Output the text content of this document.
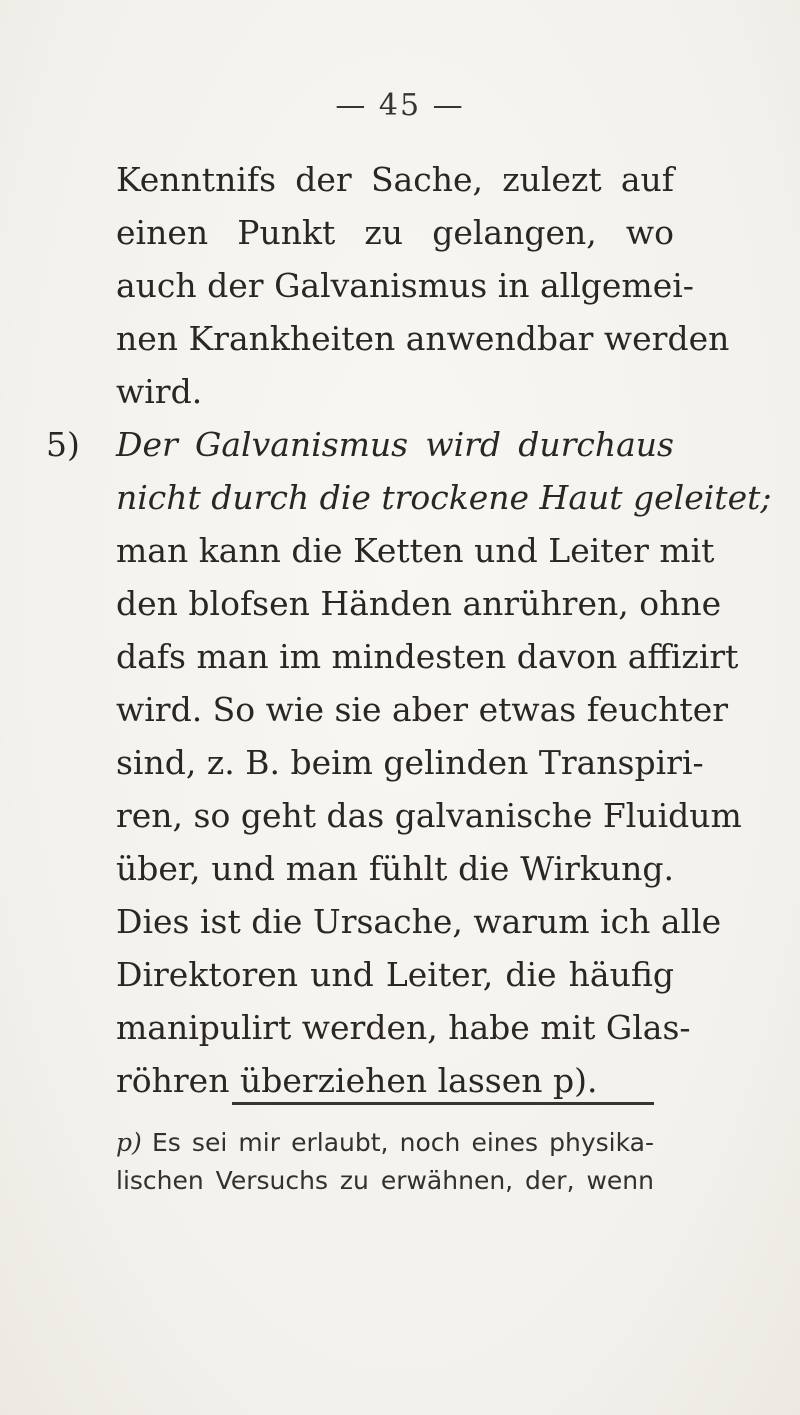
— 45 —
Kenntnifs der Sache, zulezt auf
einen Punkt zu gelangen, wo
auch der Galvanismus in allgemei-
nen Krankheiten anwendbar werden
wird.
5) Der Galvanismus wird durchaus
nicht durch die trockene Haut geleitet;
man kann die Ketten und Leiter mit
den blofsen Händen anrühren, ohne
dafs man im mindesten davon affizirt
wird. So wie sie aber etwas feuchter
sind, z. B. beim gelinden Transpiri-
ren, so geht das galvanische Fluidum
über, und man fühlt die Wirkung.
Dies ist die Ursache, warum ich alle
Direktoren und Leiter, die häufig
manipulirt werden, habe mit Glas-
röhren überziehen lassen p).
p) Es sei mir erlaubt, noch eines physika-
lischen Versuchs zu erwähnen, der, wenn
